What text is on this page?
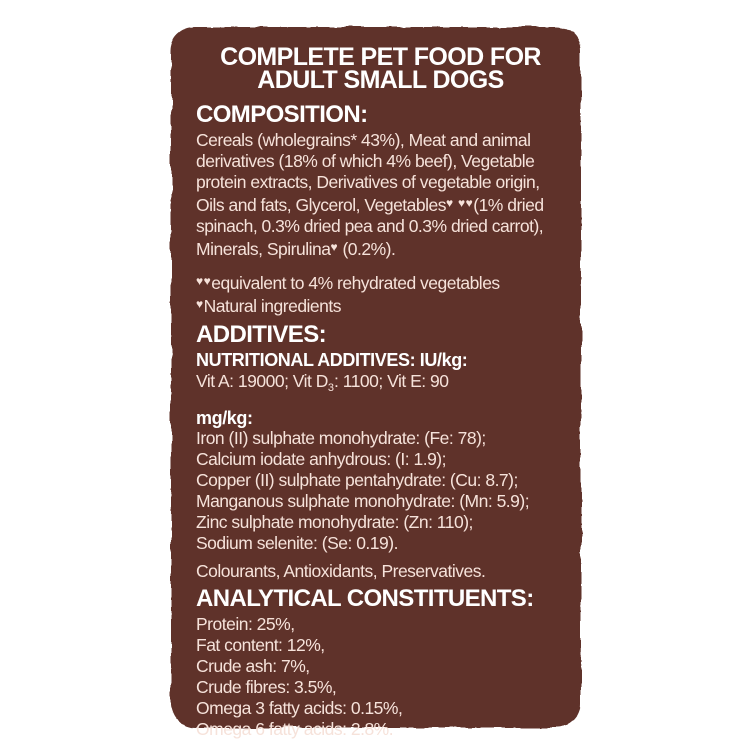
COMPLETE PET FOOD FOR
ADULT SMALL DOGS
COMPOSITION:
Cereals (wholegrains* 43%), Meat and animal
derivatives (18% of which 4% beef), Vegetable
protein extracts, Derivatives of vegetable origin,
Oils and fats, Glycerol, Vegetables♥ ♥♥(1% dried
spinach, 0.3% dried pea and 0.3% dried carrot),
Minerals, Spirulina♥ (0.2%).
♥♥equivalent to 4% rehydrated vegetables
♥Natural ingredients
ADDITIVES:
NUTRITIONAL ADDITIVES: IU/kg:
Vit A: 19000; Vit $D_3$: 1100; Vit E: 90
mg/kg:
Iron (II) sulphate monohydrate: (Fe: 78);
Calcium iodate anhydrous: (I: 1.9);
Copper (II) sulphate pentahydrate: (Cu: 8.7);
Manganous sulphate monohydrate: (Mn: 5.9);
Zinc sulphate monohydrate: (Zn: 110);
Sodium selenite: (Se: 0.19).
Colourants, Antioxidants, Preservatives.
ANALYTICAL CONSTITUENTS:
Protein: 25%,
Fat content: 12%,
Crude ash: 7%,
Crude fibres: 3.5%,
Omega 3 fatty acids: 0.15%,
Omega 6 fatty acids: 2.8%.
